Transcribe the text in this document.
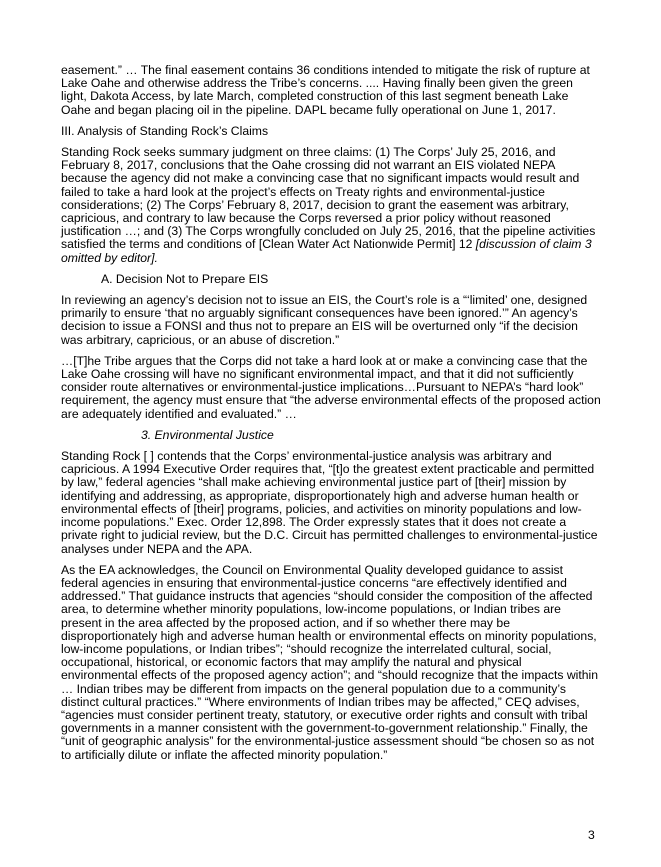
easement.” … The final easement contains 36 conditions intended to mitigate the risk of rupture at Lake Oahe and otherwise address the Tribe’s concerns. .... Having finally been given the green light, Dakota Access, by late March, completed construction of this last segment beneath Lake Oahe and began placing oil in the pipeline. DAPL became fully operational on June 1, 2017.

III. Analysis of Standing Rock’s Claims

Standing Rock seeks summary judgment on three claims: (1) The Corps’ July 25, 2016, and February 8, 2017, conclusions that the Oahe crossing did not warrant an EIS violated NEPA because the agency did not make a convincing case that no significant impacts would result and failed to take a hard look at the project’s effects on Treaty rights and environmental-justice considerations; (2) The Corps’ February 8, 2017, decision to grant the easement was arbitrary, capricious, and contrary to law because the Corps reversed a prior policy without reasoned justification …; and (3) The Corps wrongfully concluded on July 25, 2016, that the pipeline activities satisfied the terms and conditions of [Clean Water Act Nationwide Permit] 12 [discussion of claim 3 omitted by editor].

A. Decision Not to Prepare EIS

In reviewing an agency’s decision not to issue an EIS, the Court’s role is a “‘limited’ one, designed primarily to ensure ‘that no arguably significant consequences have been ignored.’” An agency’s decision to issue a FONSI and thus not to prepare an EIS will be overturned only “if the decision was arbitrary, capricious, or an abuse of discretion.”

…[T]he Tribe argues that the Corps did not take a hard look at or make a convincing case that the Lake Oahe crossing will have no significant environmental impact, and that it did not sufficiently consider route alternatives or environmental-justice implications…Pursuant to NEPA’s “hard look” requirement, the agency must ensure that “the adverse environmental effects of the proposed action are adequately identified and evaluated.” …

3. Environmental Justice

Standing Rock [ ] contends that the Corps’ environmental-justice analysis was arbitrary and capricious. A 1994 Executive Order requires that, “[t]o the greatest extent practicable and permitted by law,” federal agencies “shall make achieving environmental justice part of [their] mission by identifying and addressing, as appropriate, disproportionately high and adverse human health or environmental effects of [their] programs, policies, and activities on minority populations and low-income populations.” Exec. Order 12,898. The Order expressly states that it does not create a private right to judicial review, but the D.C. Circuit has permitted challenges to environmental-justice analyses under NEPA and the APA.

As the EA acknowledges, the Council on Environmental Quality developed guidance to assist federal agencies in ensuring that environmental-justice concerns “are effectively identified and addressed.” That guidance instructs that agencies “should consider the composition of the affected area, to determine whether minority populations, low-income populations, or Indian tribes are present in the area affected by the proposed action, and if so whether there may be disproportionately high and adverse human health or environmental effects on minority populations, low-income populations, or Indian tribes”; “should recognize the interrelated cultural, social, occupational, historical, or economic factors that may amplify the natural and physical environmental effects of the proposed agency action”; and “should recognize that the impacts within … Indian tribes may be different from impacts on the general population due to a community’s distinct cultural practices.” “Where environments of Indian tribes may be affected,” CEQ advises, “agencies must consider pertinent treaty, statutory, or executive order rights and consult with tribal governments in a manner consistent with the government-to-government relationship.” Finally, the “unit of geographic analysis” for the environmental-justice assessment should “be chosen so as not to artificially dilute or inflate the affected minority population.”

3
